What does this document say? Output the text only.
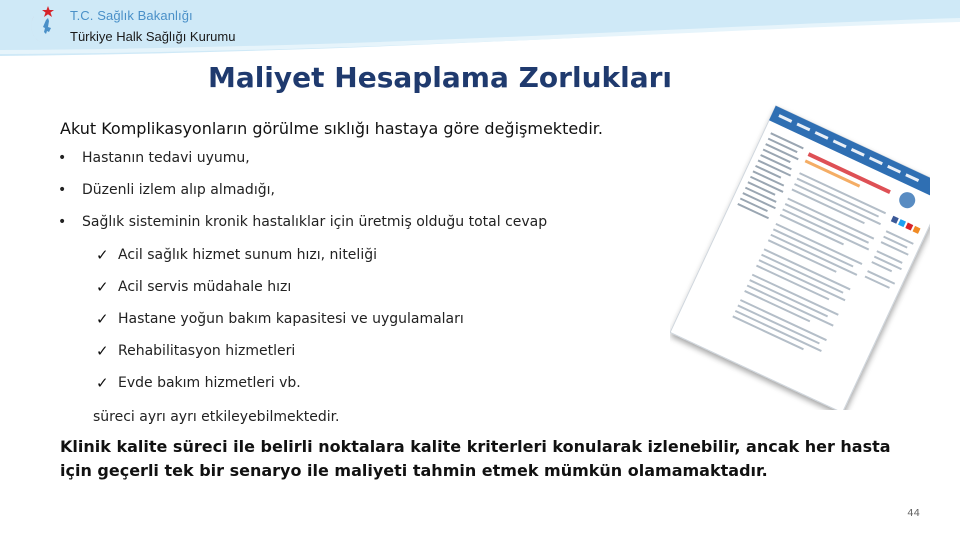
T.C. Sağlık Bakanlığı
Türkiye Halk Sağlığı Kurumu
Maliyet Hesaplama Zorlukları
Akut Komplikasyonların görülme sıklığı hastaya göre değişmektedir.
• Hastanın tedavi uyumu,
• Düzenli izlem alıp almadığı,
• Sağlık sisteminin kronik hastalıklar için üretmiş olduğu total cevap
✓ Acil sağlık hizmet sunum hızı, niteliği
✓ Acil servis müdahale hızı
✓ Hastane yoğun bakım kapasitesi ve uygulamaları
✓ Rehabilitasyon hizmetleri
✓ Evde bakım hizmetleri vb.
süreci ayrı ayrı etkileyebilmektedir.
Klinik kalite süreci ile belirli noktalara kalite kriterleri konularak izlenebilir, ancak her hasta için geçerli tek bir senaryo ile maliyeti tahmin etmek mümkün olamamaktadır.
44
